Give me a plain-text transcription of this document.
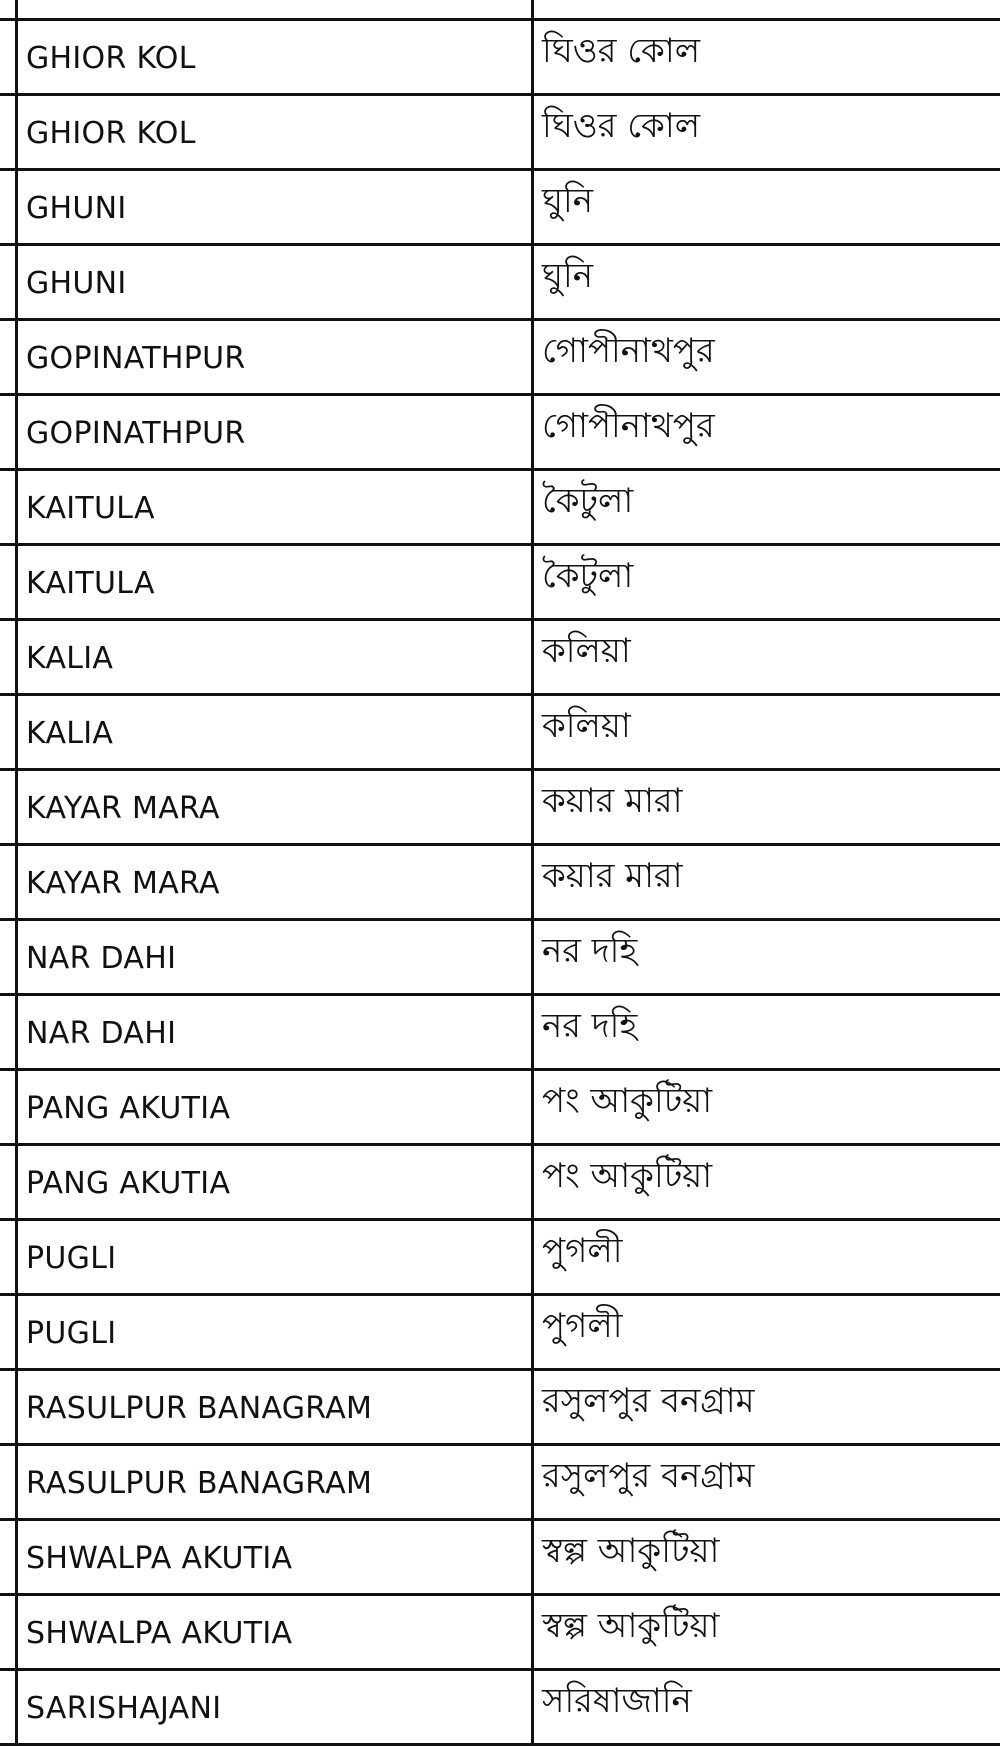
	GHIOR KOL	ঘিওর কোল	
	GHIOR KOL	ঘিওর কোল	
	GHUNI	ঘুনি	
	GHUNI	ঘুনি	
	GOPINATHPUR	গোপীনাথপুর	
	GOPINATHPUR	গোপীনাথপুর	
	KAITULA	কৈটুলা	
	KAITULA	কৈটুলা	
	KALIA	কলিয়া	
	KALIA	কলিয়া	
	KAYAR MARA	কয়ার মারা	
	KAYAR MARA	কয়ার মারা	
	NAR DAHI	নর দহি	
	NAR DAHI	নর দহি	
	PANG AKUTIA	পং আকুটিয়া	
	PANG AKUTIA	পং আকুটিয়া	
	PUGLI	পুগলী	
	PUGLI	পুগলী	
	RASULPUR BANAGRAM	রসুলপুর বনগ্রাম	
	RASULPUR BANAGRAM	রসুলপুর বনগ্রাম	
	SHWALPA AKUTIA	স্বল্প আকুটিয়া	
	SHWALPA AKUTIA	স্বল্প আকুটিয়া	
	SARISHAJANI	সরিষাজানি	
